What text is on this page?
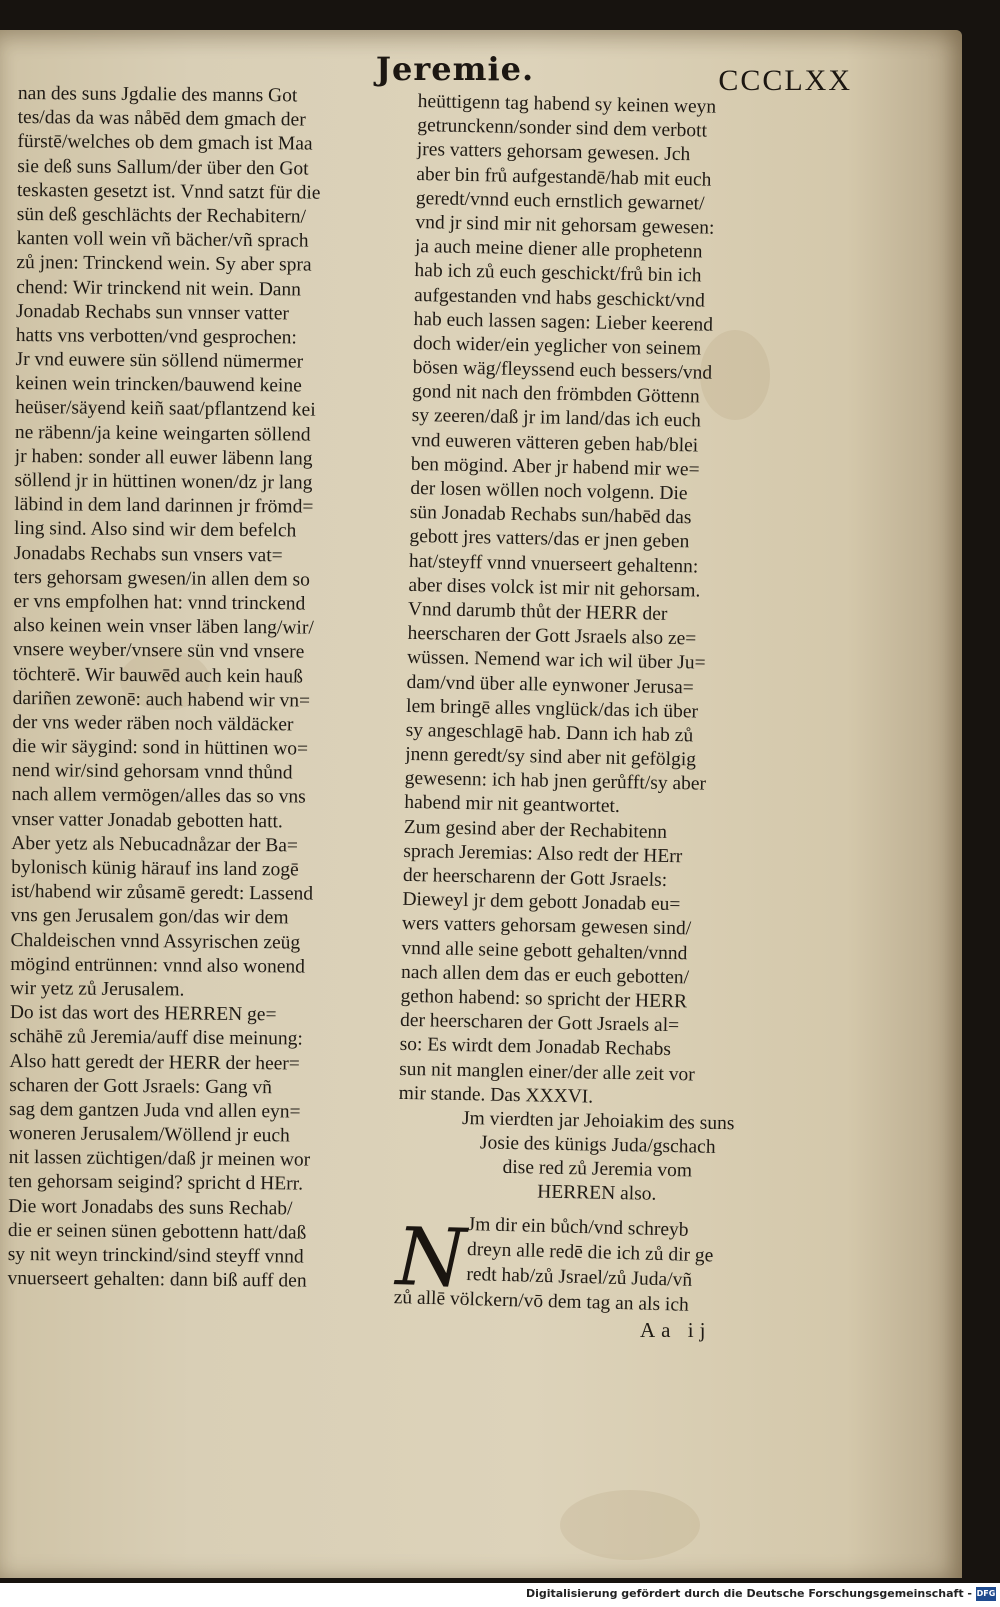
Jeremie.	CCCLXX
nan des suns Jgdalie des manns Got
tes/das da was nåbēd dem gmach der
fürstē/welches ob dem gmach ist Maa
sie deß suns Sallum/der über den Got
teskasten gesetzt ist. Vnnd satzt für die
sün deß geschlächts der Rechabitern/
kanten voll wein vñ bächer/vñ sprach
zů jnen: Trinckend wein. Sy aber spra
chend: Wir trinckend nit wein. Dann
Jonadab Rechabs sun vnnser vatter
hatts vns verbotten/vnd gesprochen:
Jr vnd euwere sün söllend nümermer
keinen wein trincken/bauwend keine
heüser/säyend keiñ saat/pflantzend kei
ne räbenn/ja keine weingarten söllend
jr haben: sonder all euwer läbenn lang
söllend jr in hüttinen wonen/dz jr lang
läbind in dem land darinnen jr frömd=
ling sind. Also sind wir dem befelch
Jonadabs Rechabs sun vnsers vat=
ters gehorsam gwesen/in allen dem so
er vns empfolhen hat: vnnd trinckend
also keinen wein vnser läben lang/wir/
vnsere weyber/vnsere sün vnd vnsere
töchterē. Wir bauwēd auch kein hauß
dariñen zewonē: auch habend wir vn=
der vns weder räben noch väldäcker
die wir säygind: sond in hüttinen wo=
nend wir/sind gehorsam vnnd thůnd
nach allem vermögen/alles das so vns
vnser vatter Jonadab gebotten hatt.
Aber yetz als Nebucadnåzar der Ba=
bylonisch künig härauf ins land zogē
ist/habend wir zůsamē geredt: Lassend
vns gen Jerusalem gon/das wir dem
Chaldeischen vnnd Assyrischen zeüg
mögind entrünnen: vnnd also wonend
wir yetz zů Jerusalem.
Do ist das wort des HERREN ge=
schähē zů Jeremia/auff dise meinung:
Also hatt geredt der HERR der heer=
scharen der Gott Jsraels: Gang vñ
sag dem gantzen Juda vnd allen eyn=
woneren Jerusalem/Wöllend jr euch
nit lassen züchtigen/daß jr meinen wor
ten gehorsam seigind? spricht d HErr.
Die wort Jonadabs des suns Rechab/
die er seinen sünen gebottenn hatt/daß
sy nit weyn trinckind/sind steyff vnnd
vnuerseert gehalten: dann biß auff den
heüttigenn tag habend sy keinen weyn
getrunckenn/sonder sind dem verbott
jres vatters gehorsam gewesen. Jch
aber bin frů aufgestandē/hab mit euch
geredt/vnnd euch ernstlich gewarnet/
vnd jr sind mir nit gehorsam gewesen:
ja auch meine diener alle prophetenn
hab ich zů euch geschickt/frů bin ich
aufgestanden vnd habs geschickt/vnd
hab euch lassen sagen: Lieber keerend
doch wider/ein yeglicher von seinem
bösen wäg/fleyssend euch bessers/vnd
gond nit nach den frömbden Göttenn
sy zeeren/daß jr im land/das ich euch
vnd euweren vätteren geben hab/blei
ben mögind. Aber jr habend mir we=
der losen wöllen noch volgenn. Die
sün Jonadab Rechabs sun/habēd das
gebott jres vatters/das er jnen geben
hat/steyff vnnd vnuerseert gehaltenn:
aber dises volck ist mir nit gehorsam.
Vnnd darumb thůt der HERR der
heerscharen der Gott Jsraels also ze=
wüssen. Nemend war ich wil über Ju=
dam/vnd über alle eynwoner Jerusa=
lem bringē alles vnglück/das ich über
sy angeschlagē hab. Dann ich hab zů
jnenn geredt/sy sind aber nit gefölgig
gewesenn: ich hab jnen gerůfft/sy aber
habend mir nit geantwortet.
Zum gesind aber der Rechabitenn
sprach Jeremias: Also redt der HErr
der heerscharenn der Gott Jsraels:
Dieweyl jr dem gebott Jonadab eu=
wers vatters gehorsam gewesen sind/
vnnd alle seine gebott gehalten/vnnd
nach allen dem das er euch gebotten/
gethon habend: so spricht der HERR
der heerscharen der Gott Jsraels al=
so: Es wirdt dem Jonadab Rechabs
sun nit manglen einer/der alle zeit vor
mir stande. Das XXXVI.
Jm vierdten jar Jehoiakim des suns
Josie des künigs Juda/gschach
dise red zů Jeremia vom
HERREN also.
N Jm dir ein bůch/vnd schreyb
dreyn alle redē die ich zů dir ge
redt hab/zů Jsrael/zů Juda/vñ
zů allē völckern/vō dem tag an als ich
Aa ij
Digitalisierung gefördert durch die Deutsche Forschungsgemeinschaft - DFG
